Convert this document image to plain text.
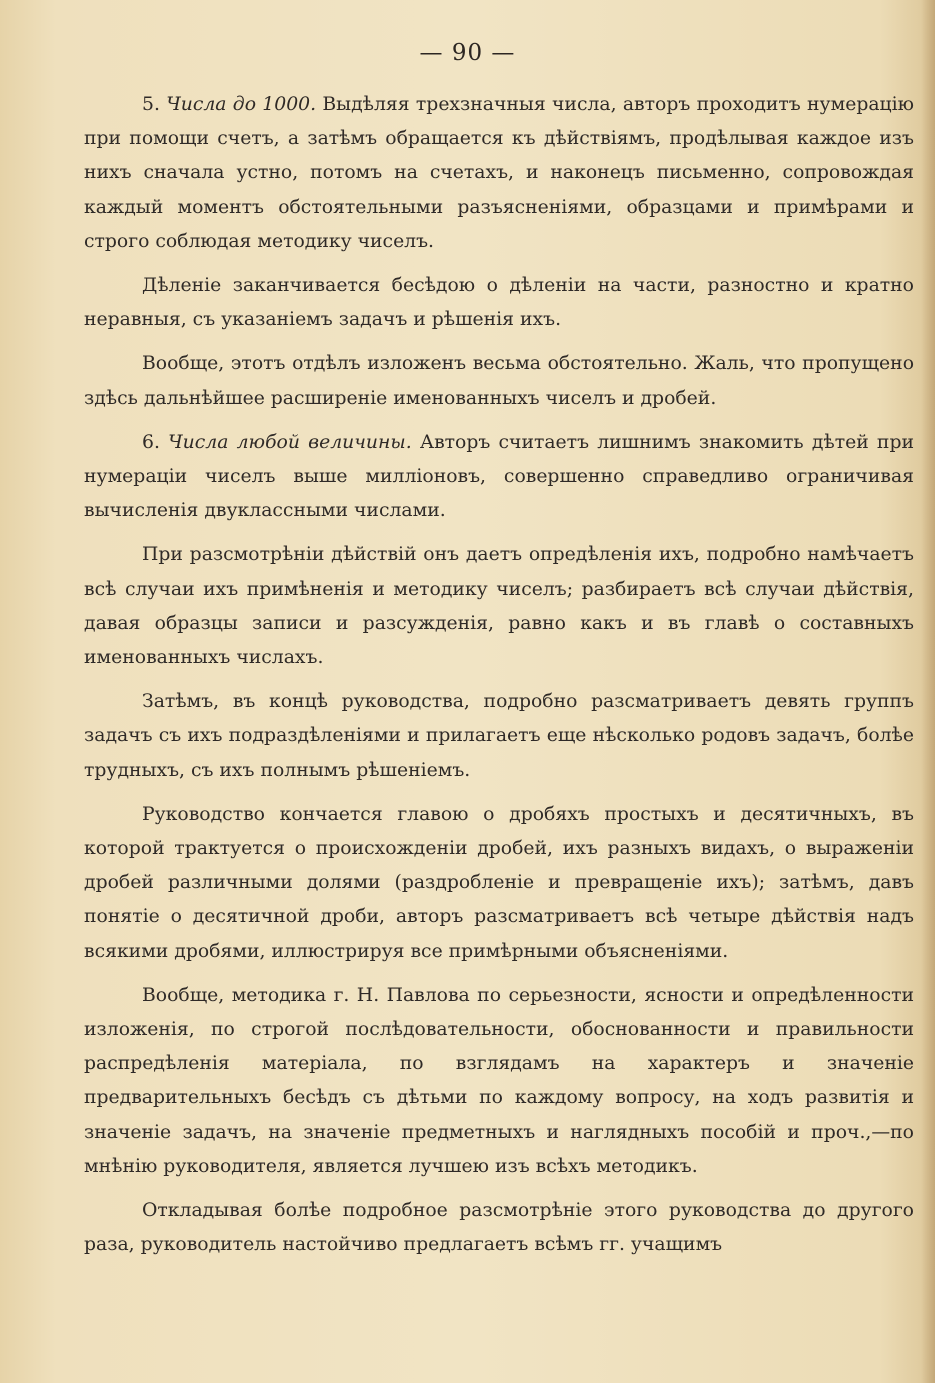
— 90 —

5. Числа до 1000. Выдѣляя трехзначныя числа, авторъ проходитъ нумерацію при помощи счетъ, а затѣмъ обращается къ дѣйствіямъ, продѣлывая каждое изъ нихъ сначала устно, потомъ на счетахъ, и наконецъ письменно, сопровождая каждый моментъ обстоятельными разъясненіями, образцами и примѣрами и строго соблюдая методику чиселъ.

Дѣленіе заканчивается бесѣдою о дѣленіи на части, разностно и кратно неравныя, съ указаніемъ задачъ и рѣшенія ихъ.

Вообще, этотъ отдѣлъ изложенъ весьма обстоятельно. Жаль, что пропущено здѣсь дальнѣйшее расширеніе именованныхъ чиселъ и дробей.

6. Числа любой величины. Авторъ считаетъ лишнимъ знакомить дѣтей при нумераціи чиселъ выше милліоновъ, совершенно справедливо ограничивая вычисленія двуклассными числами.

При разсмотрѣніи дѣйствій онъ даетъ опредѣленія ихъ, подробно намѣчаетъ всѣ случаи ихъ примѣненія и методику чиселъ; разбираетъ всѣ случаи дѣйствія, давая образцы записи и разсужденія, равно какъ и въ главѣ о составныхъ именованныхъ числахъ.

Затѣмъ, въ концѣ руководства, подробно разсматриваетъ девять группъ задачъ съ ихъ подраздѣленіями и прилагаетъ еще нѣсколько родовъ задачъ, болѣе трудныхъ, съ ихъ полнымъ рѣшеніемъ.

Руководство кончается главою о дробяхъ простыхъ и десятичныхъ, въ которой трактуется о происхожденіи дробей, ихъ разныхъ видахъ, о выраженіи дробей различными долями (раздробленіе и превращеніе ихъ); затѣмъ, давъ понятіе о десятичной дроби, авторъ разсматриваетъ всѣ четыре дѣйствія надъ всякими дробями, иллюстрируя все примѣрными объясненіями.

Вообще, методика г. Н. Павлова по серьезности, ясности и опредѣленности изложенія, по строгой послѣдовательности, обоснованности и правильности распредѣленія матеріала, по взглядамъ на характеръ и значеніе предварительныхъ бесѣдъ съ дѣтьми по каждому вопросу, на ходъ развитія и значеніе задачъ, на значеніе предметныхъ и наглядныхъ пособій и проч.,—по мнѣнію руководителя, является лучшею изъ всѣхъ методикъ.

Откладывая болѣе подробное разсмотрѣніе этого руководства до другого раза, руководитель настойчиво предлагаетъ всѣмъ гг. учащимъ
